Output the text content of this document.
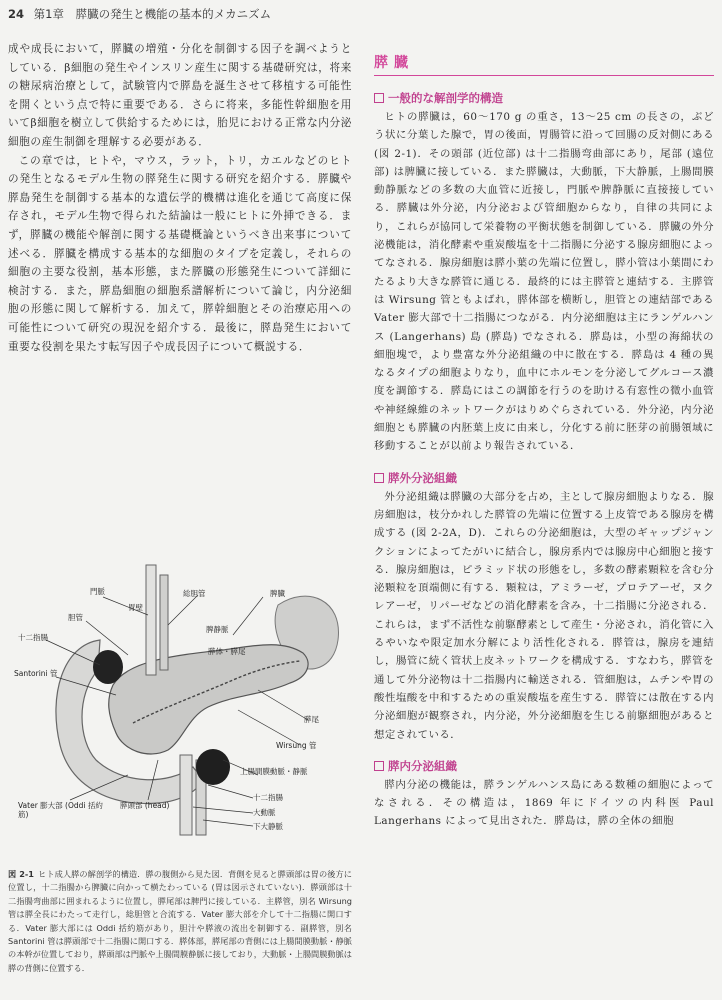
24 第1章 膵臓の発生と機能の基本的メカニズム

成や成長において，膵臓の増殖・分化を制御する因子を調べようとしている．β細胞の発生やインスリン産生に関する基礎研究は，将来の糖尿病治療として，試験管内で膵島を誕生させて移植する可能性を開くという点で特に重要である．さらに将来，多能性幹細胞を用いてβ細胞を樹立して供給するためには，胎児における正常な内分泌細胞の産生制御を理解する必要がある．

この章では，ヒトや，マウス，ラット，トリ，カエルなどのヒトの発生となるモデル生物の膵発生に関する研究を紹介する．膵臓や膵島発生を制御する基本的な遺伝学的機構は進化を通じて高度に保存され，モデル生物で得られた結論は一般にヒトに外挿できる．まず，膵臓の機能や解剖に関する基礎概論というべき出来事について述べる．膵臓を構成する基本的な細胞のタイプを定義し，それらの細胞の主要な役割，基本形態，また膵臓の形態発生について詳細に検討する．また，膵島細胞の細胞系譜解析について論じ，内分泌細胞の形態に関して解析する．加えて，膵幹細胞とその治療応用への可能性について研究の現況を紹介する．最後に，膵島発生において重要な役割を果たす転写因子や成長因子について概説する．

門脈
胆管
十二指腸
総胆管
胃壁
Santorini 管
膵体・膵尾
脾静脈
脾臓
膵尾
Wirsung 管
上腸間膜動脈・静脈
十二指腸
大動脈
下大静脈
Vater 膨大部 (Oddi 括約筋)
膵頭部 (head)
図 2-1 ヒト成人膵の解剖学的構造．膵の腹側から見た図．背側を見ると膵頭部は胃の後方に位置し，十二指腸から脾臓に向かって横たわっている (胃は図示されていない)．膵頭部は十二指腸弯曲部に囲まれるように位置し，膵尾部は脾門に接している．主膵管，別名 Wirsung 管は膵全長にわたって走行し，総胆管と合流する．Vater 膨大部を介して十二指腸に開口する．Vater 膨大部には Oddi 括約筋があり，胆汁や膵液の流出を制御する．副膵管，別名 Santorini 管は膵頭部で十二指腸に開口する．膵体部，膵尾部の背側には上腸間膜動脈・静脈の本幹が位置しており，膵頭部は門脈や上腸間膜静脈に接しており，大動脈・上腸間膜動脈は膵の背側に位置する．
膵臓
一般的な解剖学的構造

ヒトの膵臓は，60～170 g の重さ，13～25 cm の長さの，ぶどう状に分葉した腺で，胃の後面，胃腸管に沿って回腸の反対側にある (図 2-1)．その頭部 (近位部) は十二指腸弯曲部にあり，尾部 (遠位部) は脾臓に接している．また膵臓は，大動脈，下大静脈，上腸間膜動静脈などの多数の大血管に近接し，門脈や脾静脈に直接接している．膵臓は外分泌，内分泌および管細胞からなり，自律の共同により，これらが協同して栄養物の平衡状態を制御している．膵臓の外分泌機能は，消化酵素や重炭酸塩を十二指腸に分泌する腺房細胞によってなされる．腺房細胞は膵小葉の先端に位置し，膵小管は小葉間にわたるより大きな膵管に通じる．最終的には主膵管と連結する．主膵管は Wirsung 管ともよばれ，膵体部を横断し，胆管との連結部である Vater 膨大部で十二指腸につながる．内分泌細胞は主にランゲルハンス (Langerhans) 島 (膵島) でなされる．膵島は，小型の海綿状の細胞塊で，より豊富な外分泌組織の中に散在する．膵島は 4 種の異なるタイプの細胞よりなり，血中にホルモンを分泌してグルコース濃度を調節する．膵島にはこの調節を行うのを助ける有窓性の微小血管や神経線維のネットワークがはりめぐらされている．外分泌，内分泌細胞とも膵臓の内胚葉上皮に由来し，分化する前に胚芽の前腸領域に移動することが以前より報告されている．

膵外分泌組織

外分泌組織は膵臓の大部分を占め，主として腺房細胞よりなる．腺房細胞は，枝分かれした膵管の先端に位置する上皮管である腺房を構成する (図 2-2A，D)．これらの分泌細胞は，大型のギャップジャンクションによってたがいに結合し，腺房系内では腺房中心細胞と接する．腺房細胞は，ピラミッド状の形態をし，多数の酵素顆粒を含む分泌顆粒を頂端側に有する．顆粒は，アミラーゼ，プロテアーゼ，ヌクレアーゼ，リパーゼなどの消化酵素を含み，十二指腸に分泌される．これらは，まず不活性な前駆酵素として産生・分泌され，消化管に入るやいなや限定加水分解により活性化される．膵管は，腺房を連結し，腸管に続く管状上皮ネットワークを構成する．すなわち，膵管を通して外分泌物は十二指腸内に輸送される．管細胞は，ムチンや胃の酸性塩酸を中和するための重炭酸塩を産生する．膵管には散在する内分泌細胞が観察され，内分泌，外分泌細胞を生じる前駆細胞があると想定されている．

膵内分泌組織

膵内分泌の機能は，膵ランゲルハンス島にある数種の細胞によってなされる．その構造は，1869 年にドイツの内科医 Paul Langerhans によって見出された．膵島は，膵の全体の細胞
